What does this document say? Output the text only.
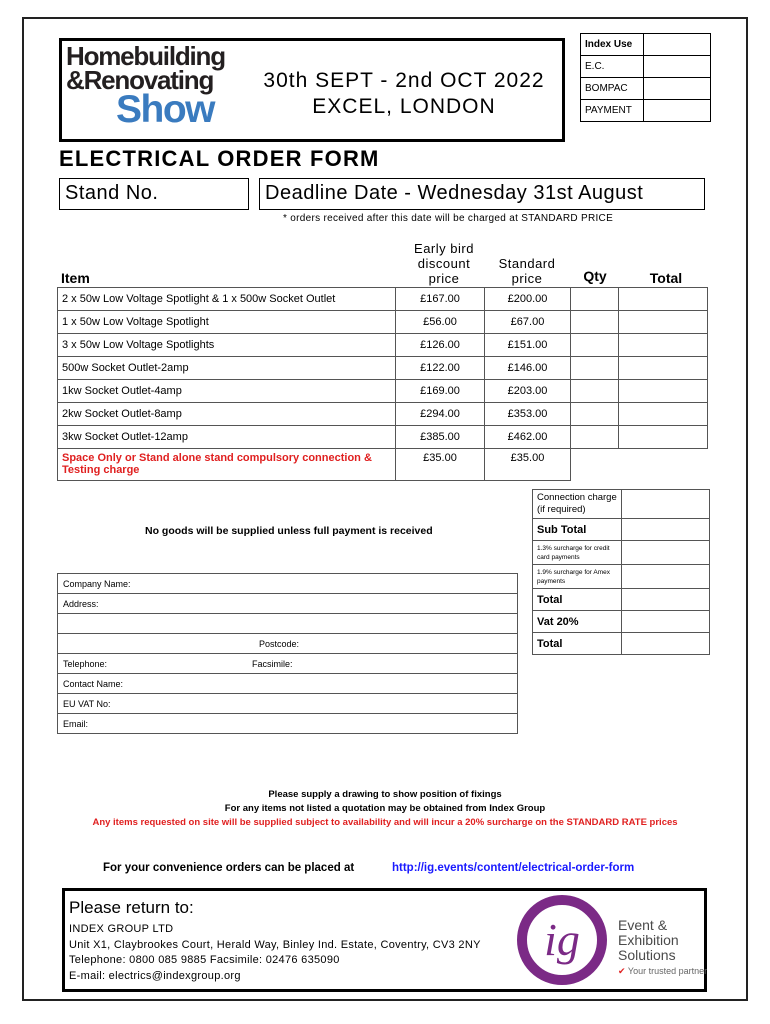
Homebuilding
&Renovating
Show
30th SEPT - 2nd OCT 2022
EXCEL, LONDON
Index Use	
E.C.	
BOMPAC	
PAYMENT	
ELECTRICAL ORDER FORM
Stand No.	Deadline Date - Wednesday 31st August
* orders received after this date will be charged at STANDARD PRICE
Item
Early bird
discount
price
Standard
price	Qty	Total
2 x 50w Low Voltage Spotlight & 1 x 500w Socket Outlet	£167.00	£200.00		
1 x 50w Low Voltage Spotlight	£56.00	£67.00		
3 x 50w Low Voltage Spotlights	£126.00	£151.00		
500w Socket Outlet-2amp	£122.00	£146.00		
1kw Socket Outlet-4amp	£169.00	£203.00		
2kw Socket Outlet-8amp	£294.00	£353.00		
3kw Socket Outlet-12amp	£385.00	£462.00		
Space Only or Stand alone stand compulsory connection & Testing charge	£35.00	£35.00		
No goods will be supplied unless full payment is received
Connection charge (if required)	
Sub Total	
1.3% surcharge for credit card payments	
1.9% surcharge for Amex payments	
Total	
Vat 20%	
Total	
Company Name:
Address:

Postcode:
Telephone:	Facsimile:
Contact Name:
EU VAT No:
Email:
Please supply a drawing to show position of fixings
For any items not listed a quotation may be obtained from Index Group
Any items requested on site will be supplied subject to availability and will incur a 20% surcharge on the STANDARD RATE prices
For your convenience orders can be placed at	http://ig.events/content/electrical-order-form
Please return to:
INDEX GROUP LTD
Unit X1, Claybrookes Court, Herald Way, Binley Ind. Estate, Coventry, CV3 2NY
Telephone: 0800 085 9885 Facsimile: 02476 635090
E-mail: electrics@indexgroup.org
ig	Event &
Exhibition
Solutions
✔ Your trusted partner
